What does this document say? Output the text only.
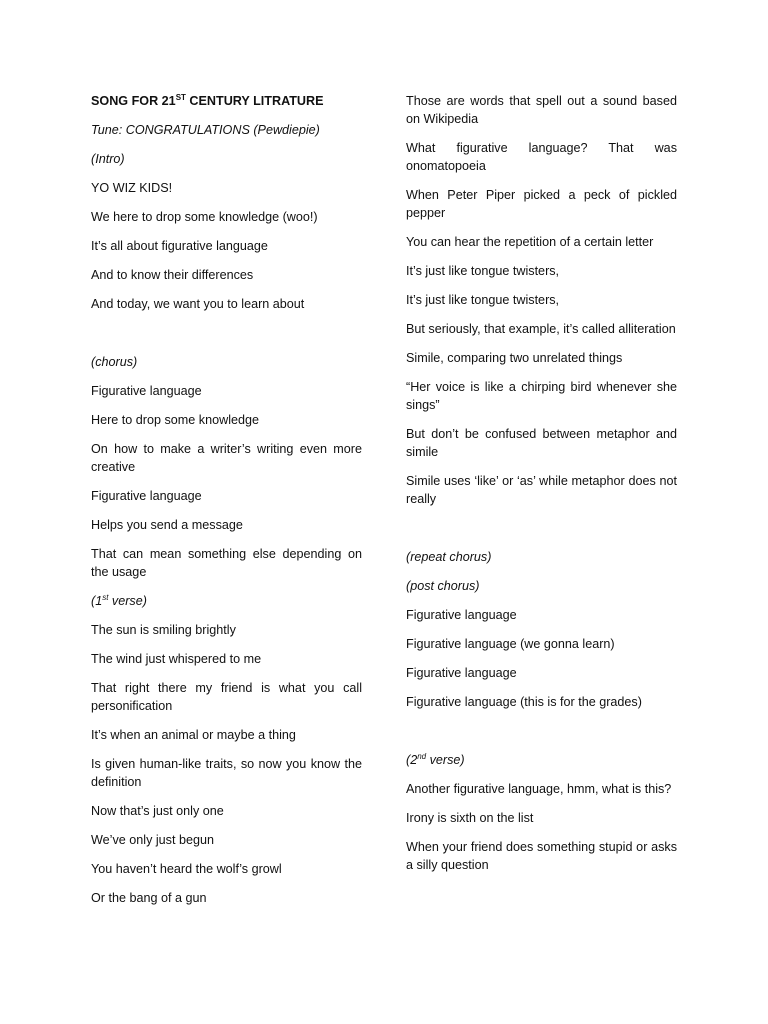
SONG FOR 21ST CENTURY LITRATURE

Tune: CONGRATULATIONS (Pewdiepie)

(Intro)

YO WIZ KIDS!

We here to drop some knowledge (woo!)

It’s all about figurative language

And to know their differences

And today, we want you to learn about

(chorus)

Figurative language

Here to drop some knowledge

On how to make a writer’s writing even more creative

Figurative language

Helps you send a message

That can mean something else depending on the usage

(1st verse)

The sun is smiling brightly

The wind just whispered to me

That right there my friend is what you call personification

It’s when an animal or maybe a thing

Is given human-like traits, so now you know the definition

Now that’s just only one

We’ve only just begun

You haven’t heard the wolf’s growl

Or the bang of a gun

Those are words that spell out a sound based on Wikipedia

What figurative language? That was onomatopoeia

When Peter Piper picked a peck of pickled pepper

You can hear the repetition of a certain letter

It’s just like tongue twisters,

It’s just like tongue twisters,

But seriously, that example, it’s called alliteration

Simile, comparing two unrelated things

“Her voice is like a chirping bird whenever she sings”

But don’t be confused between metaphor and simile

Simile uses ‘like’ or ‘as’ while metaphor does not really

(repeat chorus)

(post chorus)

Figurative language

Figurative language (we gonna learn)

Figurative language

Figurative language (this is for the grades)

(2nd verse)

Another figurative language, hmm, what is this?

Irony is sixth on the list

When your friend does something stupid or asks a silly question
